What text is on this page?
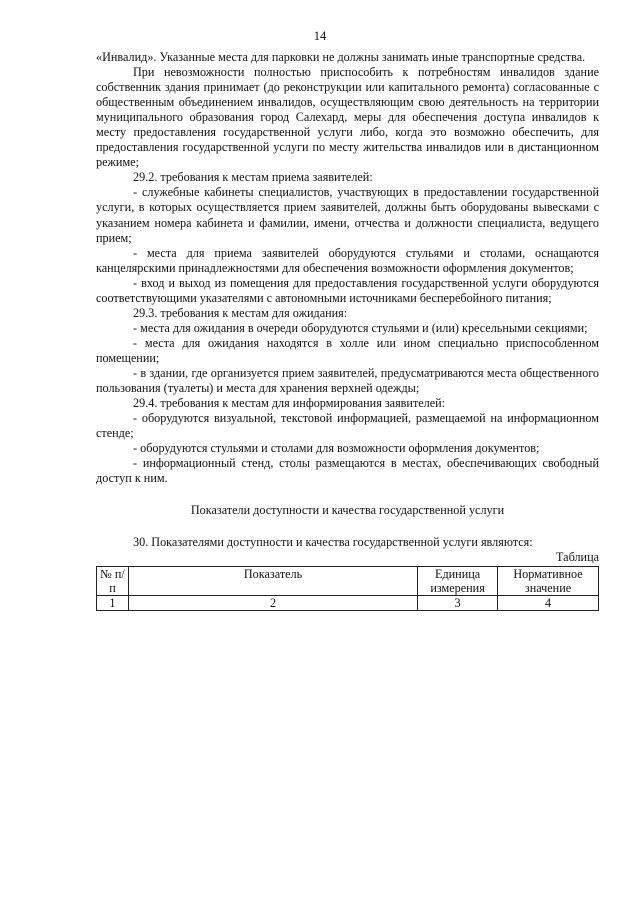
14

«Инвалид». Указанные места для парковки не должны занимать иные транспортные средства.

При невозможности полностью приспособить к потребностям инвалидов здание собственник здания принимает (до реконструкции или капитального ремонта) согласованные с общественным объединением инвалидов, осуществляющим свою деятельность на территории муниципального образования город Салехард, меры для обеспечения доступа инвалидов к месту предоставления государственной услуги либо, когда это возможно обеспечить, для предоставления государственной услуги по месту жительства инвалидов или в дистанционном режиме;

29.2. требования к местам приема заявителей:

- служебные кабинеты специалистов, участвующих в предоставлении государственной услуги, в которых осуществляется прием заявителей, должны быть оборудованы вывесками с указанием номера кабинета и фамилии, имени, отчества и должности специалиста, ведущего прием;

- места для приема заявителей оборудуются стульями и столами, оснащаются канцелярскими принадлежностями для обеспечения возможности оформления документов;

- вход и выход из помещения для предоставления государственной услуги оборудуются соответствующими указателями с автономными источниками бесперебойного питания;

29.3. требования к местам для ожидания:

- места для ожидания в очереди оборудуются стульями и (или) кресельными секциями;

- места для ожидания находятся в холле или ином специально приспособленном помещении;

- в здании, где организуется прием заявителей, предусматриваются места общественного пользования (туалеты) и места для хранения верхней одежды;

29.4. требования к местам для информирования заявителей:

- оборудуются визуальной, текстовой информацией, размещаемой на информационном стенде;

- оборудуются стульями и столами для возможности оформления документов;

- информационный стенд, столы размещаются в местах, обеспечивающих свободный доступ к ним.

Показатели доступности и качества государственной услуги

30. Показателями доступности и качества государственной услуги являются:

Таблица

№ п/п	Показатель	Единица измерения	Нормативное значение
1	2	3	4
